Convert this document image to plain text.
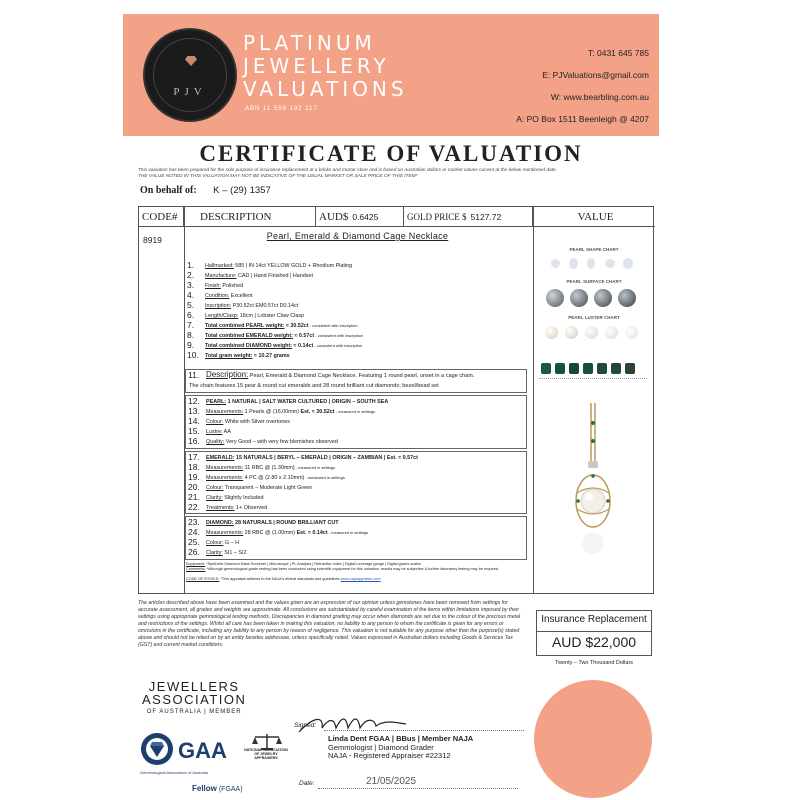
PJV
PLATINUM
JEWELLERY
VALUATIONS
ABN 11 588 192 117
T: 0431 645 785
E: PJValuations@gmail.com
W: www.bearbling.com.au
A: PO Box 1511 Beenleigh @ 4207
CERTIFICATE OF VALUATION
This valuation has been prepared for the sole purpose of insurance replacement at a bricks and mortar store and is based on Australian dollars or market values current at the below mentioned date.
THE VALUE NOTED IN THIS VALUATION MAY NOT BE INDICATIVE OF THE USUAL MARKET OR SALE PRICE OF THIS ITEM*
On behalf of: K – (29) 1357
CODE#	DESCRIPTION	AUD$ 0.6425	GOLD PRICE $ 5127.72	VALUE
8919	Pearl, Emerald & Diamond Cage Necklace
1. Hallmarked: 585 | IN 14ct YELLOW GOLD + Rhodium Plating
2. Manufacture: CAD | Hand Finished | Handset
3. Finish: Polished
4. Condition: Excellent
5. Inscription: P30.52ct EM0.57ct D0.14ct
6. Length/Clasp: 18cm | Lobster Claw Clasp
7. Total combined PEARL weight: ≈ 30.52ct - consistent with inscription
8. Total combined EMERALD weight: ≈ 0.57ct - consistent with inscription
9. Total combined DIAMOND weight: ≈ 0.14ct - consistent with inscription
10. Total gram weight: ≈ 10.27 grams
11. Description: Pearl, Emerald & Diamond Cage Necklace. Featuring 1 round pearl, unset in a cage chain.
The chain features 15 pear & round cut emeralds and 28 round brilliant cut diamonds; bezel/bead set
12. PEARL: 1 NATURAL | SALT WATER CULTURED | ORIGIN – SOUTH SEA
13. Measurements: 1 Pearls @ (16.00mm) Est. ≈ 30.52ct - measured in settings
14. Colour: White with Silver overtones
15. Lustre: AA
16. Quality: Very Good – with very few blemishes observed
17. EMERALD: 15 NATURALS | BERYL – EMERALD | ORIGIN – ZAMBIAN | Est. ≈ 0.57ct
18. Measurements: 11 RBC @ (1.30mm) - measured in settings
19. Measurements: 4 PC @ (2.80 x 2.10mm) - measured in settings
20. Colour: Transparent – Moderate Light Green
21. Clarity: Slightly Included
22. Treatments: 1+ Observed
23. DIAMOND: 28 NATURALS | ROUND BRILLIANT CUT
24. Measurements: 28 RBC @ (1.00mm) Est. ≈ 0.14ct - measured in settings
25. Colour: G – H
26. Clarity: SI1 – SI2
Equipment: *Synthetic Diamond Mass Screener | Microscope | PL Analysis | Refractive Index | Digital Leverage gauge | Digital grams scales
Comments: *Although gemmological grade testing has been conducted using scientific equipment for this valuation, results may be subjective & further laboratory testing may be required.
CODE OF ETHICS: *This appraisal adheres to the NAJA's ethical standards and guidelines www.najaappraiser.com
PEARL SHAPE CHART
PEARL SURFACE CHART
PEARL LUSTER CHART
The articles described above have been examined and the values given are an expression of our opinion unless gemstones have been removed from settings for accurate assessment, all grades and weights are approximate. All conclusions are substantiated by careful examination of the items within limitations imposed by their settings using appropriate gemmological testing methods. Discrepancies in diamond grading may occur when diamonds are set due to the colour of the precious metal and restrictions of the settings. Whilst all care has been taken in making this valuation, no liability to any person to whom the certificate is given for any errors or omissions in the certificate, including any liability to any person by reason of negligence. This valuation is not suitable for any purpose other than the purpose(s) stated above and should not be relied on by an entity besides addressee, unless specifically noted. Values expressed in Australian dollars including Goods & Services Tax (GST) and current market conditions.
Insurance Replacement
AUD $22,000
Twenty – Two Thousand Dollars
JEWELLERS
ASSOCIATION
OF AUSTRALIA | MEMBER
GAA
Gemmological Association of Australia
Fellow (FGAA)
NATIONAL ASSOCIATION OF JEWELRY APPRAISERS
Signed:
Linda Dent FGAA | BBus | Member NAJA
Gemmologist | Diamond Grader
NAJA - Registered Appraiser #22312
Date:	21/05/2025
